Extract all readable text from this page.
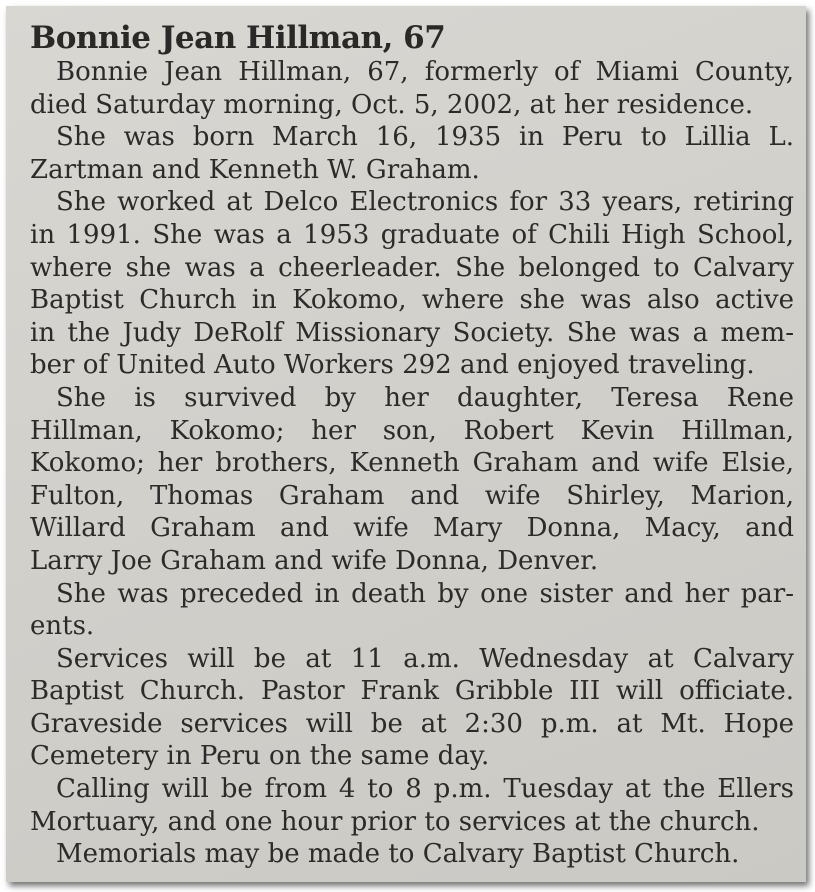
Bonnie Jean Hillman, 67
Bonnie Jean Hillman, 67, formerly of Miami County,
died Saturday morning, Oct. 5, 2002, at her residence.
She was born March 16, 1935 in Peru to Lillia L.
Zartman and Kenneth W. Graham.
She worked at Delco Electronics for 33 years, retiring
in 1991. She was a 1953 graduate of Chili High School,
where she was a cheerleader. She belonged to Calvary
Baptist Church in Kokomo, where she was also active
in the Judy DeRolf Missionary Society. She was a mem-
ber of United Auto Workers 292 and enjoyed traveling.
She is survived by her daughter, Teresa Rene
Hillman, Kokomo; her son, Robert Kevin Hillman,
Kokomo; her brothers, Kenneth Graham and wife Elsie,
Fulton, Thomas Graham and wife Shirley, Marion,
Willard Graham and wife Mary Donna, Macy, and
Larry Joe Graham and wife Donna, Denver.
She was preceded in death by one sister and her par-
ents.
Services will be at 11 a.m. Wednesday at Calvary
Baptist Church. Pastor Frank Gribble III will officiate.
Graveside services will be at 2:30 p.m. at Mt. Hope
Cemetery in Peru on the same day.
Calling will be from 4 to 8 p.m. Tuesday at the Ellers
Mortuary, and one hour prior to services at the church.
Memorials may be made to Calvary Baptist Church.
